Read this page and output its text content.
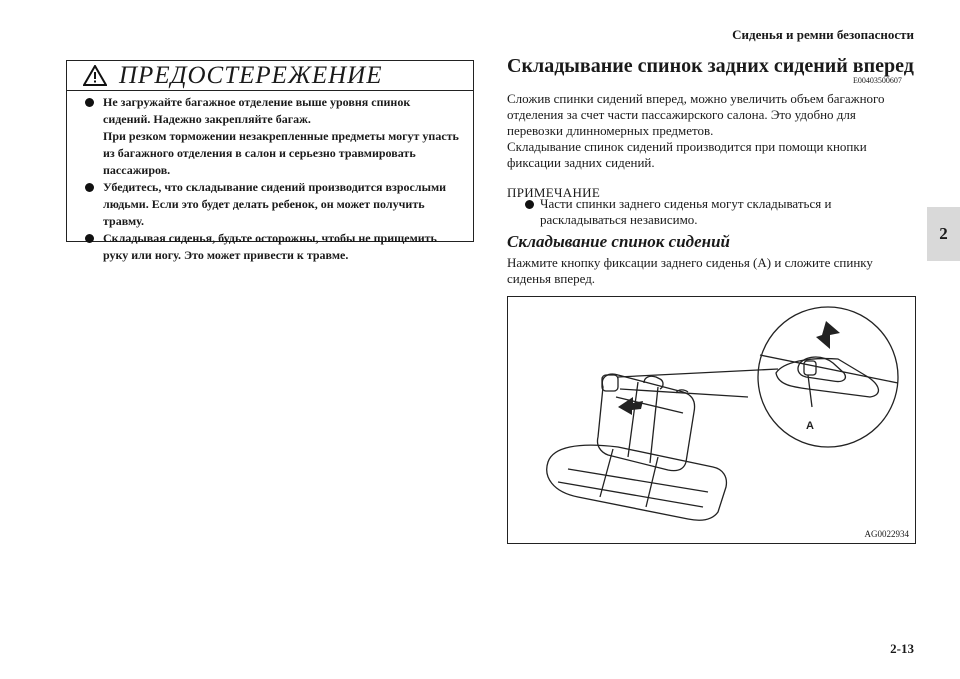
Сиденья и ремни безопасности
2
ПРЕДОСТЕРЕЖЕНИЕ
Не загружайте багажное отделение выше уровня спинок
сидений. Надежно закрепляйте багаж.
При резком торможении незакрепленные предметы могут упасть
из багажного отделения в салон и серьезно травмировать
пассажиров.
Убедитесь, что складывание сидений производится взрослыми
людьми. Если это будет делать ребенок, он может получить
травму.
Складывая сиденья, будьте осторожны, чтобы не прищемить
руку или ногу. Это может привести к травме.
Складывание спинок задних сидений вперед
E00403500607
Сложив спинки сидений вперед, можно увеличить объем багажного
отделения за счет части пассажирского салона. Это удобно для
перевозки длинномерных предметов.
Складывание спинок сидений производится при помощи кнопки
фиксации задних сидений.
ПРИМЕЧАНИЕ
Части спинки заднего сиденья могут складываться и
раскладываться независимо.
Складывание спинок сидений
Нажмите кнопку фиксации заднего сиденья (А) и сложите спинку
сиденья вперед.
A
AG0022934
2-13
